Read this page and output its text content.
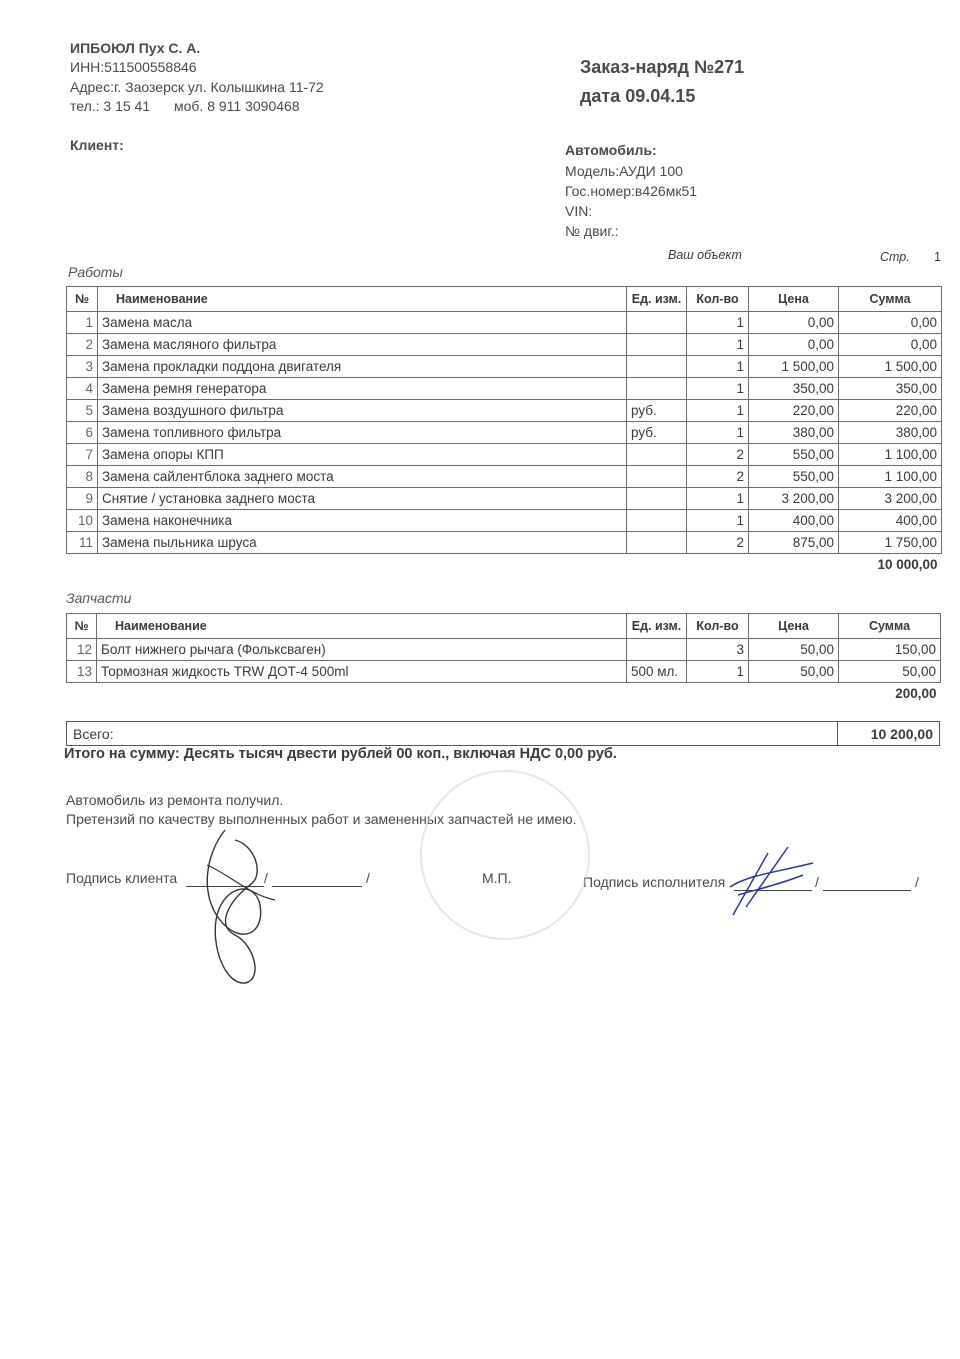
ИПБОЮЛ Пух С. А.
ИНН:511500558846
Адрес:г. Заозерск ул. Колышкина 11-72
тел.: 3 15 41 моб. 8 911 3090468
Заказ-наряд №271
дата 09.04.15
Клиент:	Автомобиль:
Модель:АУДИ 100
Гос.номер:в426мк51
VIN:
№ двиг.:
Ваш объект	Стр. 1
Работы
№	Наименование	Ед. изм.	Кол-во	Цена	Сумма
1	Замена масла		1	0,00	0,00
2	Замена масляного фильтра		1	0,00	0,00
3	Замена прокладки поддона двигателя		1	1 500,00	1 500,00
4	Замена ремня генератора		1	350,00	350,00
5	Замена воздушного фильтра	руб.	1	220,00	220,00
6	Замена топливного фильтра	руб.	1	380,00	380,00
7	Замена опоры КПП		2	550,00	1 100,00
8	Замена сайлентблока заднего моста		2	550,00	1 100,00
9	Снятие / установка заднего моста		1	3 200,00	3 200,00
10	Замена наконечника		1	400,00	400,00
11	Замена пыльника шруса		2	875,00	1 750,00
					10 000,00
Запчасти
№	Наименование	Ед. изм.	Кол-во	Цена	Сумма
12	Болт нижнего рычага (Фольксваген)		3	50,00	150,00
13	Тормозная жидкость TRW ДОТ-4 500ml	500 мл.	1	50,00	50,00
					200,00
Всего:	10 200,00
Итого на сумму: Десять тысяч двести рублей 00 коп., включая НДС 0,00 руб.
Автомобиль из ремонта получил.
Претензий по качеству выполненных работ и замененных запчастей не имею.
Подпись клиента	/	/	М.П.	Подпись исполнителя	/	/
